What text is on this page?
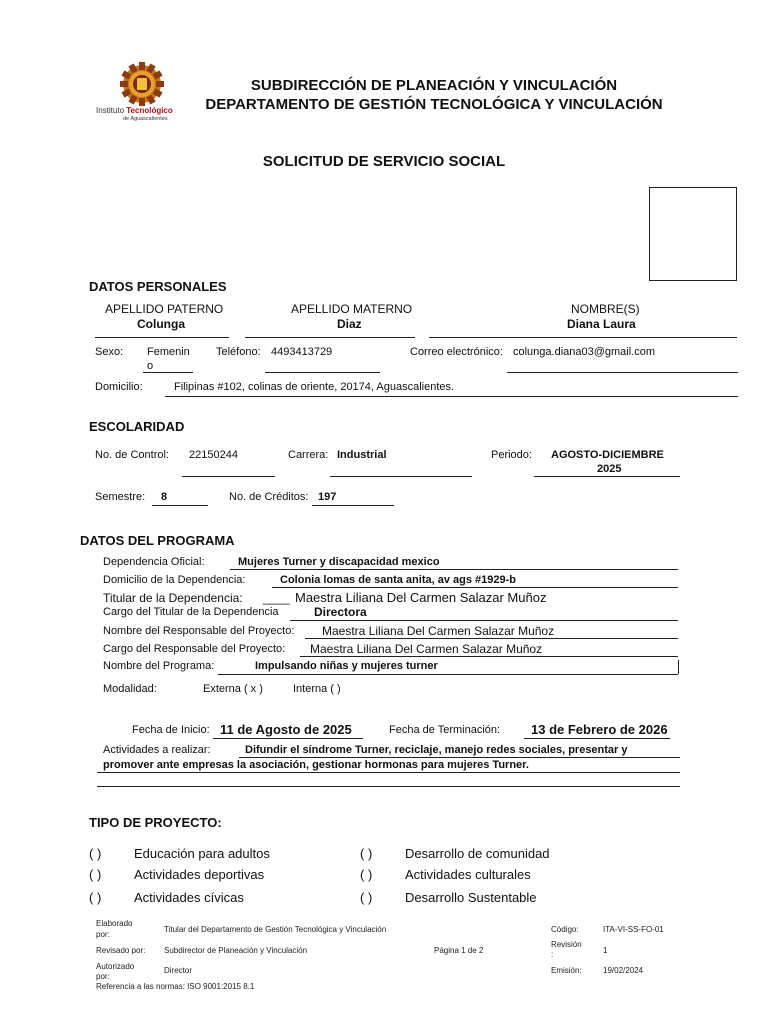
Instituto Tecnológico
de Aguascalientes
SUBDIRECCIÓN DE PLANEACIÓN Y VINCULACIÓN
DEPARTAMENTO DE GESTIÓN TECNOLÓGICA Y VINCULACIÓN
SOLICITUD DE SERVICIO SOCIAL
DATOS PERSONALES
APELLIDO PATERNO
Colunga
APELLIDO MATERNO
Diaz
NOMBRE(S)
Diana Laura
Sexo: Femenin
o
Teléfono: 4493413729	Correo electrónico: colunga.diana03@gmail.com
Domicilio:	Filipinas #102, colinas de oriente, 20174, Aguascalientes.
ESCOLARIDAD
No. de Control: 22150244	Carrera: Industrial	Periodo: AGOSTO-DICIEMBRE
2025
Semestre: 8	No. de Créditos: 197
DATOS DEL PROGRAMA
Dependencia Oficial:	Mujeres Turner y discapacidad mexico
Domicilio de la Dependencia:	Colonia lomas de santa anita, av ags #1929-b
Titular de la Dependencia: ____ Maestra Liliana Del Carmen Salazar Muñoz
Cargo del Titular de la Dependencia	Directora
Nombre del Responsable del Proyecto: Maestra Liliana Del Carmen Salazar Muñoz
Cargo del Responsable del Proyecto: Maestra Liliana Del Carmen Salazar Muñoz
Nombre del Programa:	Impulsando niñas y mujeres turner
Modalidad:	Externa ( x )	Interna ( )
Fecha de Inicio: 11 de Agosto de 2025	Fecha de Terminación: 13 de Febrero de 2026
Actividades a realizar:	Difundir el síndrome Turner, reciclaje, manejo redes sociales, presentar y
promover ante empresas la asociación, gestionar hormonas para mujeres Turner.
TIPO DE PROYECTO:
( )	Educación para adultos
( )	Actividades deportivas
( )	Actividades cívicas
( )	Desarrollo de comunidad
( )	Actividades culturales
( )	Desarrollo Sustentable
Elaborado
por:
Titular del Departamento de Gestión Tecnológica y Vinculación
Revisado por: Subdirector de Planeación y Vinculación
Autorizado
por:
Director
Página 1 de 2
Código:	ITA-VI-SS-FO-01
Revisión
:	1
Emisión:	19/02/2024
Referencia a las normas: ISO 9001:2015 8.1
